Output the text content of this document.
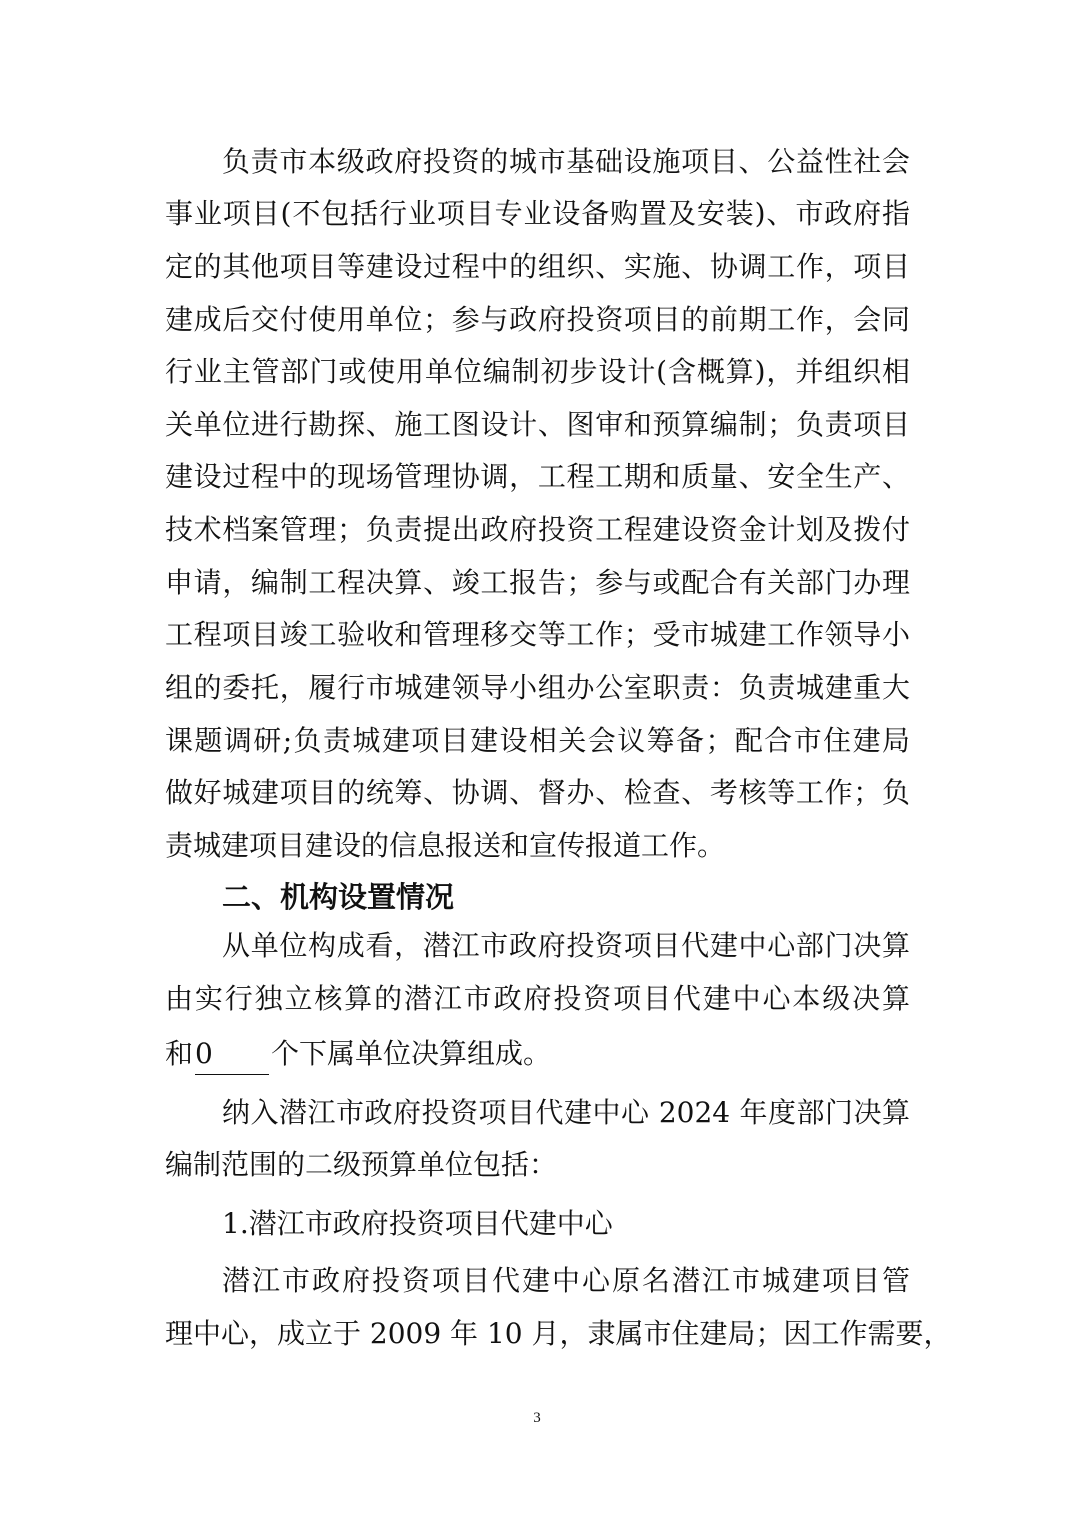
负责市本级政府投资的城市基础设施项目、公益性社会
事业项目(不包括行业项目专业设备购置及安装)、市政府指
定的其他项目等建设过程中的组织、实施、协调工作，项目
建成后交付使用单位；参与政府投资项目的前期工作，会同
行业主管部门或使用单位编制初步设计(含概算)，并组织相
关单位进行勘探、施工图设计、图审和预算编制；负责项目
建设过程中的现场管理协调，工程工期和质量、安全生产、
技术档案管理；负责提出政府投资工程建设资金计划及拨付
申请，编制工程决算、竣工报告；参与或配合有关部门办理
工程项目竣工验收和管理移交等工作；受市城建工作领导小
组的委托，履行市城建领导小组办公室职责：负责城建重大
课题调研;负责城建项目建设相关会议筹备；配合市住建局
做好城建项目的统筹、协调、督办、检查、考核等工作；负
责城建项目建设的信息报送和宣传报道工作。
二、机构设置情况
从单位构成看，潜江市政府投资项目代建中心部门决算
由实行独立核算的潜江市政府投资项目代建中心本级决算
和0 个下属单位决算组成。
纳入潜江市政府投资项目代建中心 2024 年度部门决算
编制范围的二级预算单位包括：
1.潜江市政府投资项目代建中心
潜江市政府投资项目代建中心原名潜江市城建项目管
理中心，成立于 2009 年 10 月，隶属市住建局；因工作需要，
3
